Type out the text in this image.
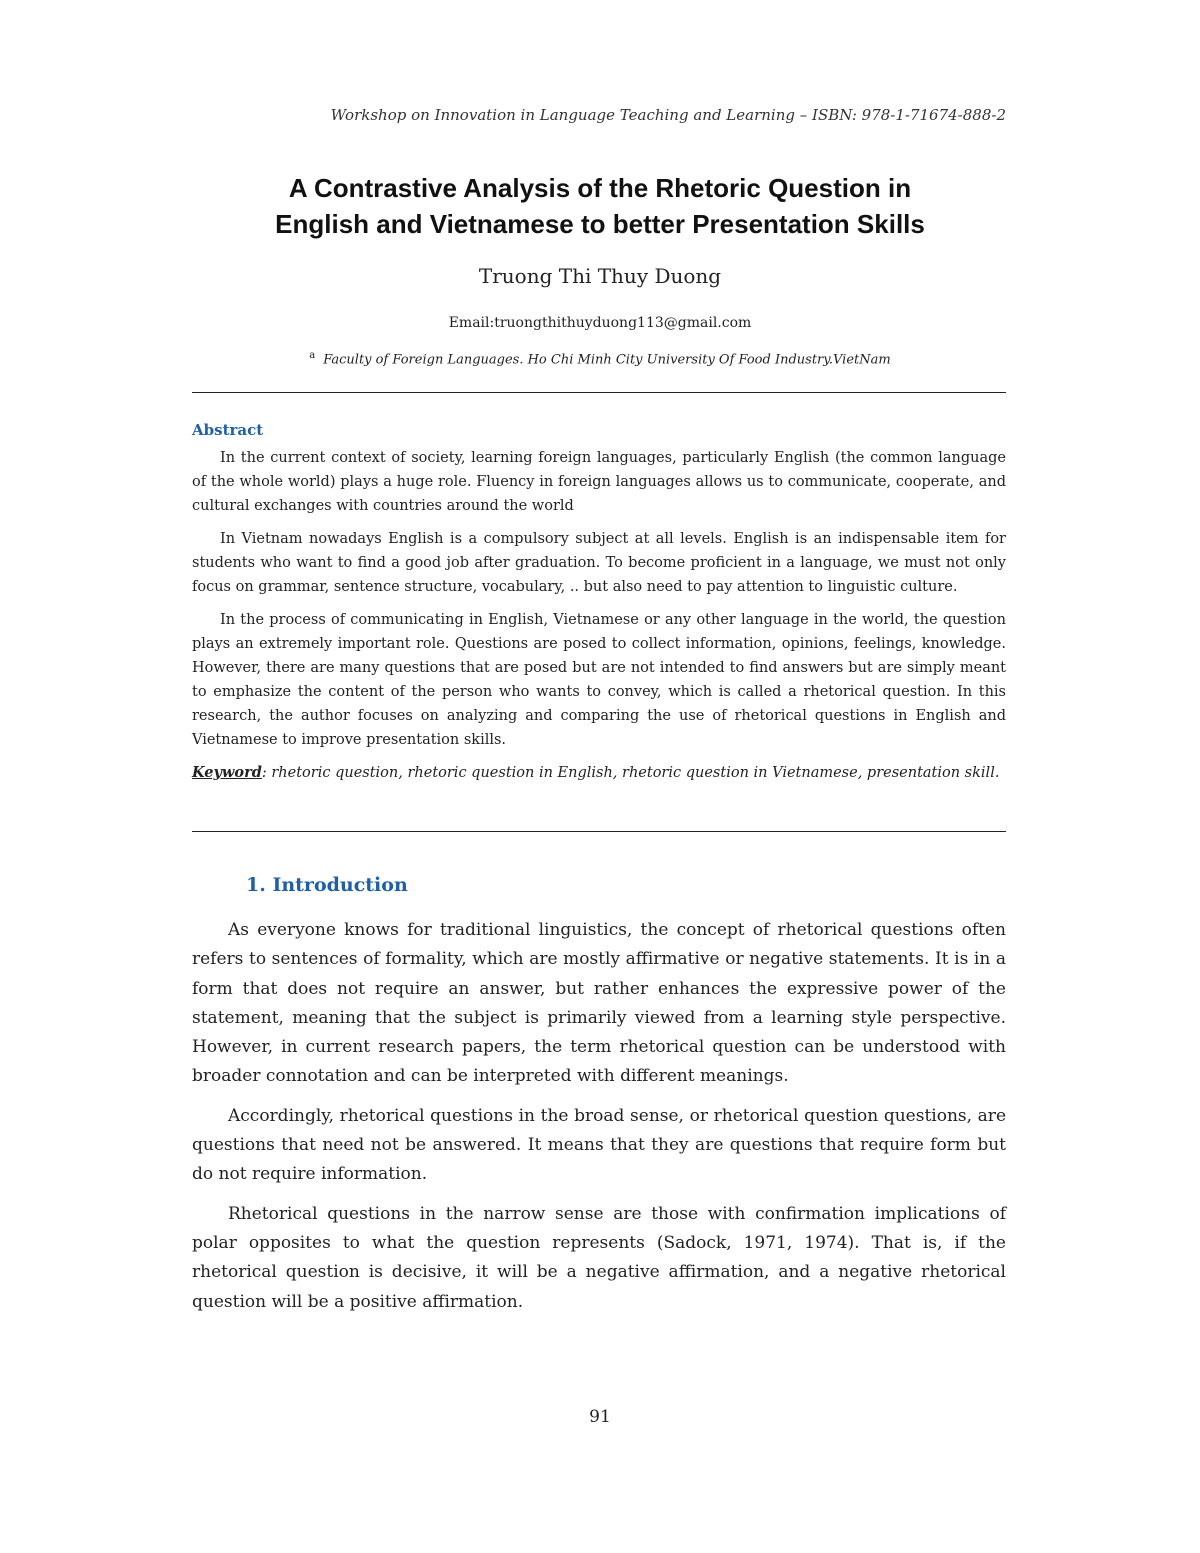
Workshop on Innovation in Language Teaching and Learning – ISBN: 978-1-71674-888-2
A Contrastive Analysis of the Rhetoric Question in
English and Vietnamese to better Presentation Skills
Truong Thi Thuy Duong
Email:truongthithuyduong113@gmail.com
$^a$ Faculty of Foreign Languages. Ho Chi Minh City University Of Food Industry.VietNam
Abstract

In the current context of society, learning foreign languages, particularly English (the common language of the whole world) plays a huge role. Fluency in foreign languages allows us to communicate, cooperate, and cultural exchanges with countries around the world

In Vietnam nowadays English is a compulsory subject at all levels. English is an indispensable item for students who want to find a good job after graduation. To become proficient in a language, we must not only focus on grammar, sentence structure, vocabulary, .. but also need to pay attention to linguistic culture.

In the process of communicating in English, Vietnamese or any other language in the world, the question plays an extremely important role. Questions are posed to collect information, opinions, feelings, knowledge. However, there are many questions that are posed but are not intended to find answers but are simply meant to emphasize the content of the person who wants to convey, which is called a rhetorical question. In this research, the author focuses on analyzing and comparing the use of rhetorical questions in English and Vietnamese to improve presentation skills.

Keyword: rhetoric question, rhetoric question in English, rhetoric question in Vietnamese, presentation skill.
1. Introduction

As everyone knows for traditional linguistics, the concept of rhetorical questions often refers to sentences of formality, which are mostly affirmative or negative statements. It is in a form that does not require an answer, but rather enhances the expressive power of the statement, meaning that the subject is primarily viewed from a learning style perspective. However, in current research papers, the term rhetorical question can be understood with broader connotation and can be interpreted with different meanings.

Accordingly, rhetorical questions in the broad sense, or rhetorical question questions, are questions that need not be answered. It means that they are questions that require form but do not require information.

Rhetorical questions in the narrow sense are those with confirmation implications of polar opposites to what the question represents (Sadock, 1971, 1974). That is, if the rhetorical question is decisive, it will be a negative affirmation, and a negative rhetorical question will be a positive affirmation.

91
